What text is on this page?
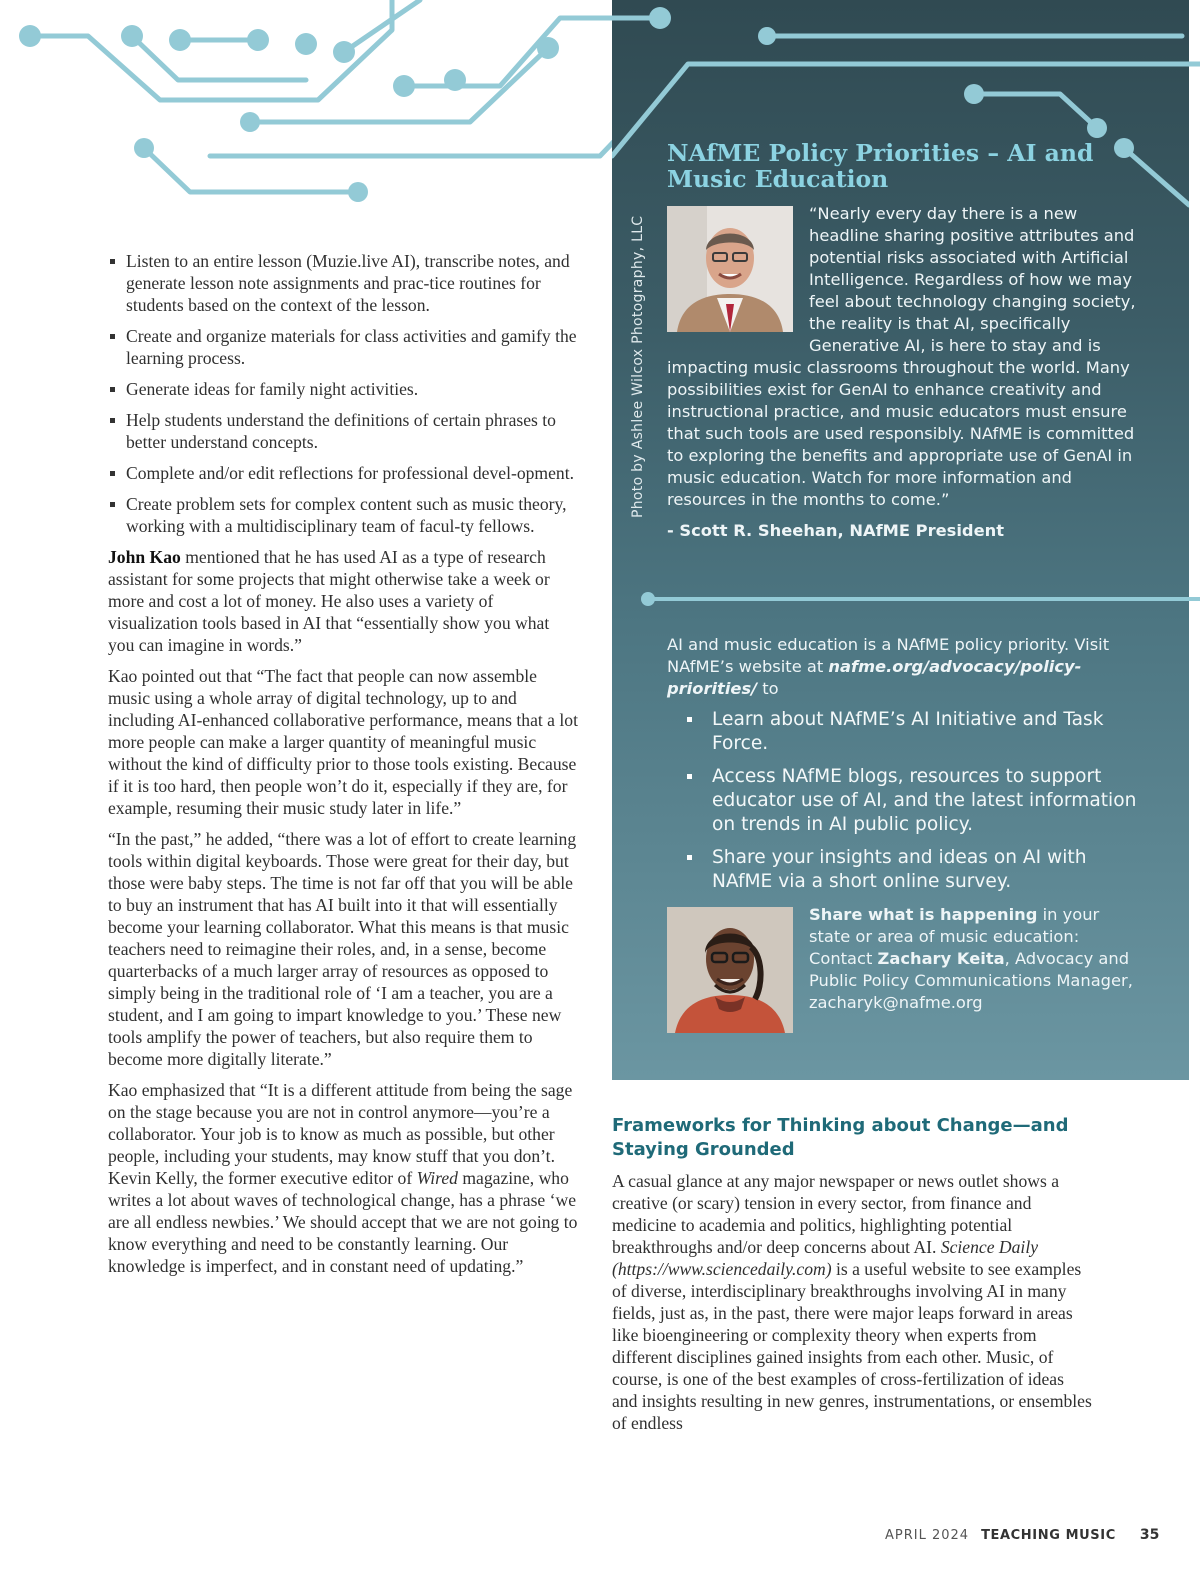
Photo by Ashlee Wilcox Photography, LLC
NAfME Policy Priorities – AI and Music Education
“Nearly every day there is a new headline sharing positive attributes and potential risks associated with Artificial Intelligence. Regardless of how we may feel about technology changing society, the reality is that AI, specifically Generative AI, is here to stay and is impacting music classrooms throughout the world. Many possibilities exist for GenAI to enhance creativity and instructional practice, and music educators must ensure that such tools are used responsibly. NAfME is committed to exploring the benefits and appropriate use of GenAI in music education. Watch for more information and resources in the months to come.”
- Scott R. Sheehan, NAfME President

AI and music education is a NAfME policy priority. Visit NAfME’s website at nafme.org/advocacy/policy-priorities/ to

Learn about NAfME’s AI Initiative and Task Force.
Access NAfME blogs, resources to support educator use of AI, and the latest information on trends in AI public policy.
Share your insights and ideas on AI with NAfME via a short online survey.
Share what is happening in your state or area of music education: Contact Zachary Keita, Advocacy and Public Policy Communications Manager, zacharyk@nafme.org
Listen to an entire lesson (Muzie.live AI), transcribe notes, and generate lesson note assignments and prac-tice routines for students based on the context of the lesson.
Create and organize materials for class activities and gamify the learning process.
Generate ideas for family night activities.
Help students understand the definitions of certain phrases to better understand concepts.
Complete and/or edit reflections for professional devel-opment.
Create problem sets for complex content such as music theory, working with a multidisciplinary team of facul-ty fellows.

John Kao mentioned that he has used AI as a type of research assistant for some projects that might otherwise take a week or more and cost a lot of money. He also uses a variety of visualization tools based in AI that “essentially show you what you can imagine in words.”

Kao pointed out that “The fact that people can now assemble music using a whole array of digital technology, up to and including AI-enhanced collaborative performance, means that a lot more people can make a larger quantity of meaningful music without the kind of difficulty prior to those tools existing. Because if it is too hard, then people won’t do it, especially if they are, for example, resuming their music study later in life.”

“In the past,” he added, “there was a lot of effort to create learning tools within digital keyboards. Those were great for their day, but those were baby steps. The time is not far off that you will be able to buy an instrument that has AI built into it that will essentially become your learning collaborator. What this means is that music teachers need to reimagine their roles, and, in a sense, become quarterbacks of a much larger array of resources as opposed to simply being in the traditional role of ‘I am a teacher, you are a student, and I am going to impart knowledge to you.’ These new tools amplify the power of teachers, but also require them to become more digitally literate.”

Kao emphasized that “It is a different attitude from being the sage on the stage because you are not in control anymore—you’re a collaborator. Your job is to know as much as possible, but other people, including your students, may know stuff that you don’t. Kevin Kelly, the former executive editor of Wired magazine, who writes a lot about waves of technological change, has a phrase ‘we are all endless newbies.’ We should accept that we are not going to know everything and need to be constantly learning. Our knowledge is imperfect, and in constant need of updating.”

Frameworks for Thinking about Change—and Staying Grounded

A casual glance at any major newspaper or news outlet shows a creative (or scary) tension in every sector, from finance and medicine to academia and politics, highlighting potential breakthroughs and/or deep concerns about AI. Science Daily (https://www.sciencedaily.com) is a useful website to see examples of diverse, interdisciplinary breakthroughs involving AI in many fields, just as, in the past, there were major leaps forward in areas like bioengineering or complexity theory when experts from different disciplines gained insights from each other. Music, of course, is one of the best examples of cross-fertilization of ideas and insights resulting in new genres, instrumentations, or ensembles of endless

APRIL 2024 TEACHING MUSIC 35
